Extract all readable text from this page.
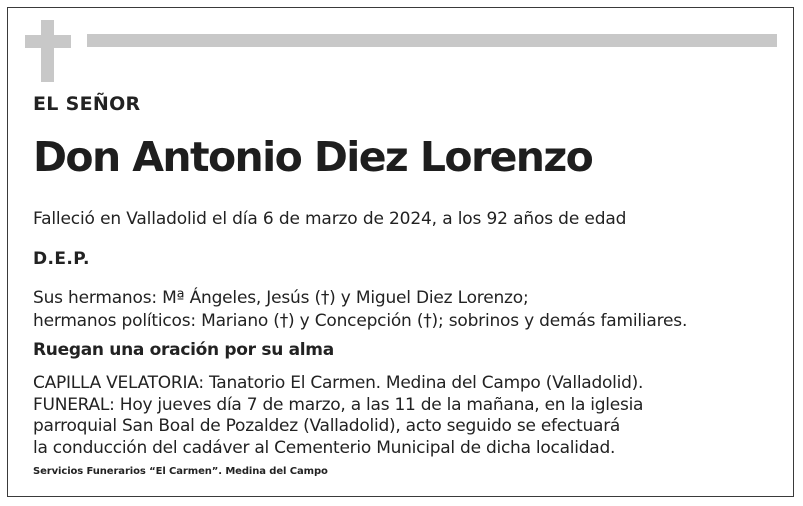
EL SEÑOR
Don Antonio Diez Lorenzo
Falleció en Valladolid el día 6 de marzo de 2024, a los 92 años de edad
D.E.P.
Sus hermanos: Mª Ángeles, Jesús (†) y Miguel Diez Lorenzo;
hermanos políticos: Mariano (†) y Concepción (†); sobrinos y demás familiares.
Ruegan una oración por su alma
CAPILLA VELATORIA: Tanatorio El Carmen. Medina del Campo (Valladolid).
FUNERAL: Hoy jueves día 7 de marzo, a las 11 de la mañana, en la iglesia
parroquial San Boal de Pozaldez (Valladolid), acto seguido se efectuará
la conducción del cadáver al Cementerio Municipal de dicha localidad.
Servicios Funerarios “El Carmen”. Medina del Campo
